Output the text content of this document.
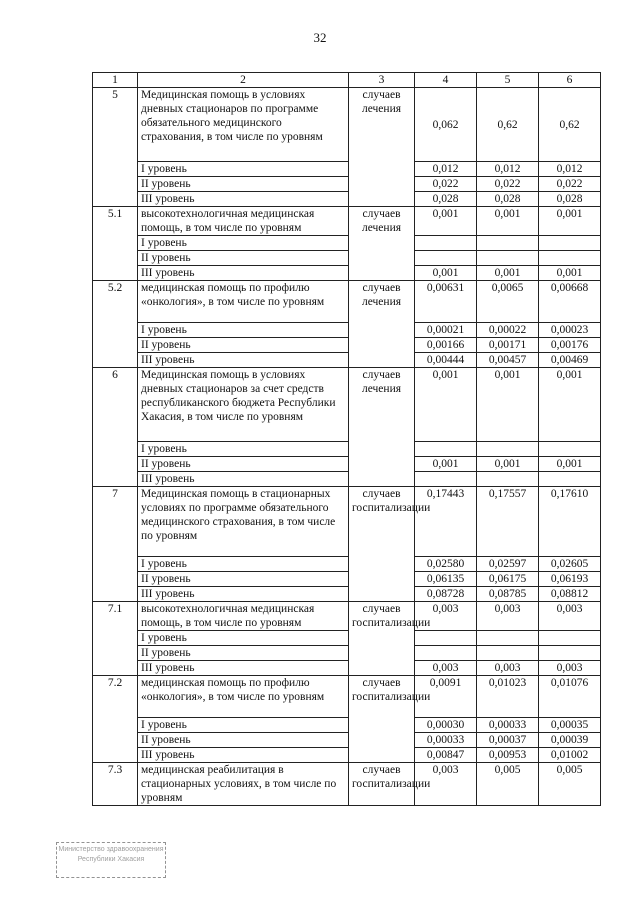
32
1	2	3	4	5	6
5	Медицинская помощь в условиях дневных стационаров по программе обязательного медицинского страхования, в том числе по уровням	случаев лечения	0,062	0,62	0,62
	I уровень		0,012	0,012	0,012
	II уровень		0,022	0,022	0,022
	III уровень		0,028	0,028	0,028
5.1	высокотехнологичная медицинская помощь, в том числе по уровням	случаев лечения	0,001	0,001	0,001
	I уровень				
	II уровень				
	III уровень		0,001	0,001	0,001
5.2	медицинская помощь по профилю «онкология», в том числе по уровням	случаев лечения	0,00631	0,0065	0,00668
	I уровень		0,00021	0,00022	0,00023
	II уровень		0,00166	0,00171	0,00176
	III уровень		0,00444	0,00457	0,00469
6	Медицинская помощь в условиях дневных стационаров за счет средств республиканского бюджета Республики Хакасия, в том числе по уровням	случаев лечения	0,001	0,001	0,001
	I уровень				
	II уровень		0,001	0,001	0,001
	III уровень				
7	Медицинская помощь в стационарных условиях по программе обязательного медицинского страхования, в том числе по уровням	случаев госпитализации	0,17443	0,17557	0,17610
	I уровень		0,02580	0,02597	0,02605
	II уровень		0,06135	0,06175	0,06193
	III уровень		0,08728	0,08785	0,08812
7.1	высокотехнологичная медицинская помощь, в том числе по уровням	случаев госпитализации	0,003	0,003	0,003
	I уровень				
	II уровень				
	III уровень		0,003	0,003	0,003
7.2	медицинская помощь по профилю «онкология», в том числе по уровням	случаев госпитализации	0,0091	0,01023	0,01076
	I уровень		0,00030	0,00033	0,00035
	II уровень		0,00033	0,00037	0,00039
	III уровень		0,00847	0,00953	0,01002
7.3	медицинская реабилитация в стационарных условиях, в том числе по уровням	случаев госпитализации	0,003	0,005	0,005
Министерство здравоохранения Республики Хакасия
